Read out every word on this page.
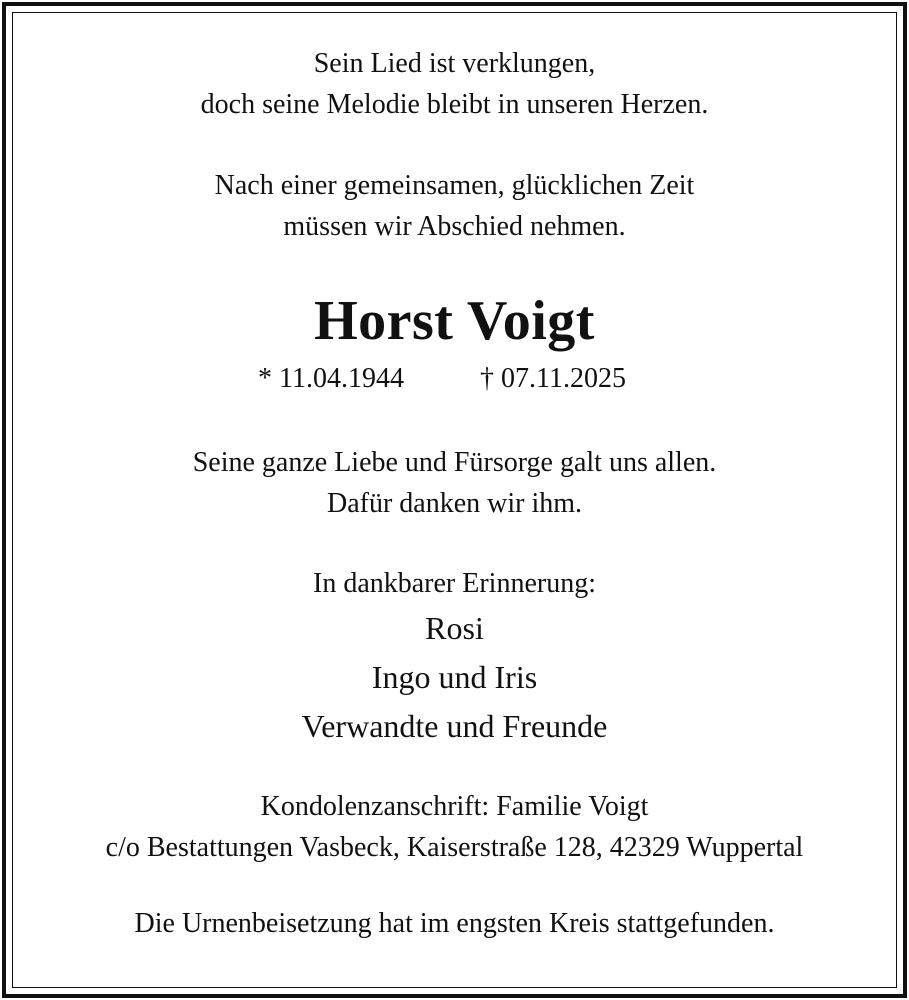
Sein Lied ist verklungen,

doch seine Melodie bleibt in unseren Herzen.

Nach einer gemeinsamen, glücklichen Zeit

müssen wir Abschied nehmen.

Horst Voigt

* 11.04.1944	† 07.11.2025

Seine ganze Liebe und Fürsorge galt uns allen.

Dafür danken wir ihm.

In dankbarer Erinnerung:

Rosi

Ingo und Iris

Verwandte und Freunde

Kondolenzanschrift: Familie Voigt

c/o Bestattungen Vasbeck, Kaiserstraße 128, 42329 Wuppertal

Die Urnenbeisetzung hat im engsten Kreis stattgefunden.
